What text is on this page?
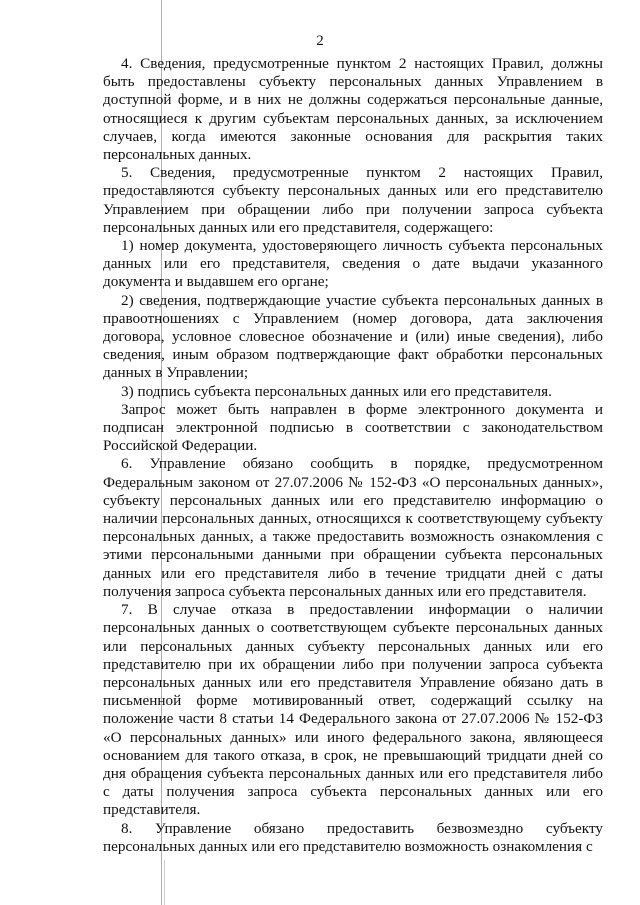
2

4. Сведения, предусмотренные пунктом 2 настоящих Правил, должны быть предоставлены субъекту персональных данных Управлением в доступной форме, и в них не должны содержаться персональные данные, относящиеся к другим субъектам персональных данных, за исключением случаев, когда имеются законные основания для раскрытия таких персональных данных.

5. Сведения, предусмотренные пунктом 2 настоящих Правил, предоставляются субъекту персональных данных или его представителю Управлением при обращении либо при получении запроса субъекта персональных данных или его представителя, содержащего:

1) номер документа, удостоверяющего личность субъекта персональных данных или его представителя, сведения о дате выдачи указанного документа и выдавшем его органе;

2) сведения, подтверждающие участие субъекта персональных данных в правоотношениях с Управлением (номер договора, дата заключения договора, условное словесное обозначение и (или) иные сведения), либо сведения, иным образом подтверждающие факт обработки персональных данных в Управлении;

3) подпись субъекта персональных данных или его представителя.

Запрос может быть направлен в форме электронного документа и подписан электронной подписью в соответствии с законодательством Российской Федерации.

6. Управление обязано сообщить в порядке, предусмотренном Федеральным законом от 27.07.2006 № 152-ФЗ «О персональных данных», субъекту персональных данных или его представителю информацию о наличии персональных данных, относящихся к соответствующему субъекту персональных данных, а также предоставить возможность ознакомления с этими персональными данными при обращении субъекта персональных данных или его представителя либо в течение тридцати дней с даты получения запроса субъекта персональных данных или его представителя.

7. В случае отказа в предоставлении информации о наличии персональных данных о соответствующем субъекте персональных данных или персональных данных субъекту персональных данных или его представителю при их обращении либо при получении запроса субъекта персональных данных или его представителя Управление обязано дать в письменной форме мотивированный ответ, содержащий ссылку на положение части 8 статьи 14 Федерального закона от 27.07.2006 № 152-ФЗ «О персональных данных» или иного федерального закона, являющееся основанием для такого отказа, в срок, не превышающий тридцати дней со дня обращения субъекта персональных данных или его представителя либо с даты получения запроса субъекта персональных данных или его представителя.

8. Управление обязано предоставить безвозмездно субъекту персональных данных или его представителю возможность ознакомления с
